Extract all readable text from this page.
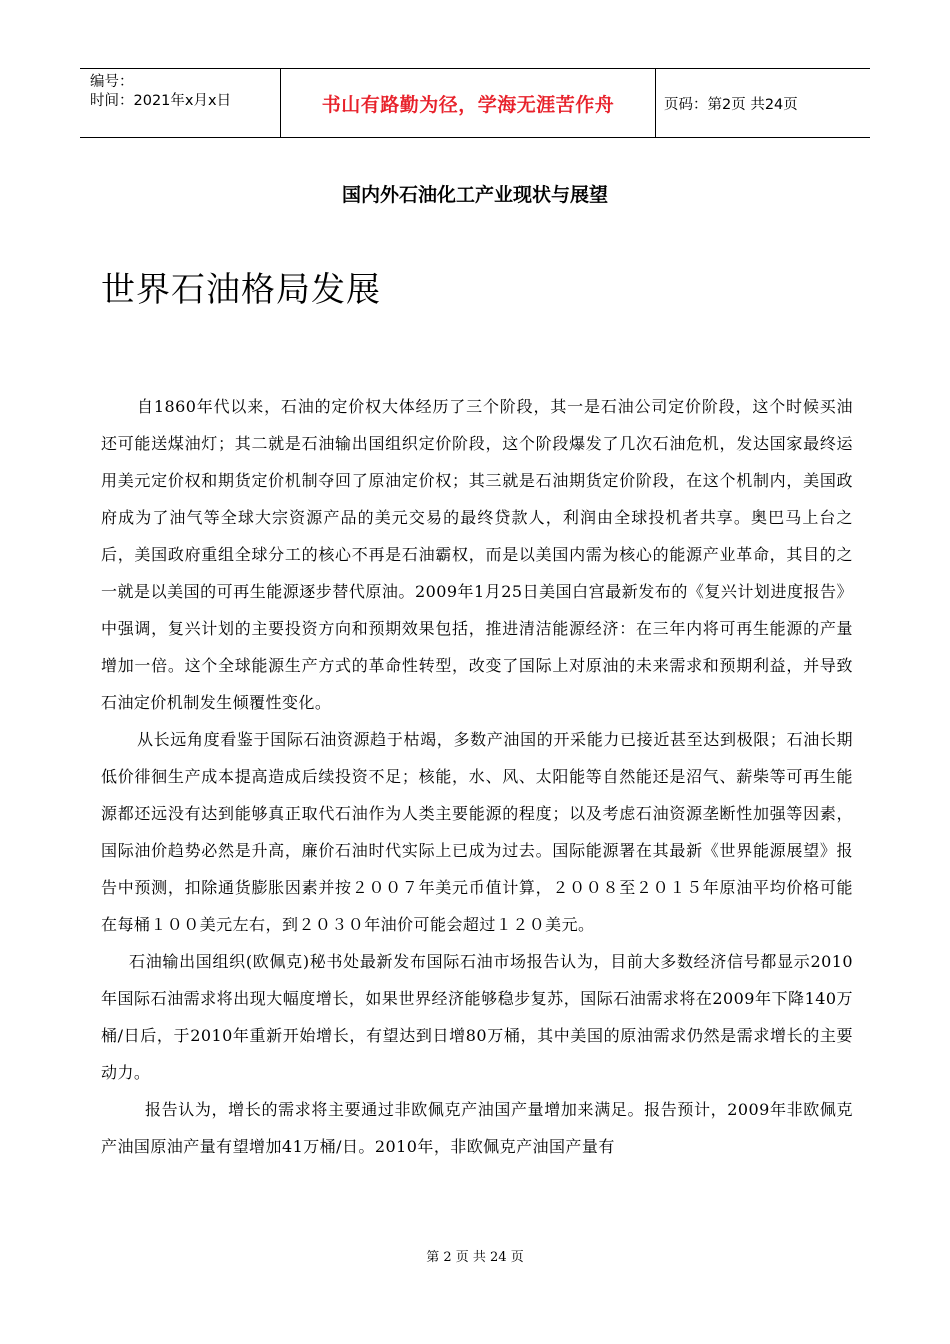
编号：
时间：2021年x月x日	书山有路勤为径，学海无涯苦作舟	页码：第2页 共24页
国内外石油化工产业现状与展望
世界石油格局发展

自1860年代以来，石油的定价权大体经历了三个阶段，其一是石油公司定价阶段，这个时候买油还可能送煤油灯；其二就是石油输出国组织定价阶段，这个阶段爆发了几次石油危机，发达国家最终运用美元定价权和期货定价机制夺回了原油定价权；其三就是石油期货定价阶段，在这个机制内，美国政府成为了油气等全球大宗资源产品的美元交易的最终贷款人，利润由全球投机者共享。奥巴马上台之后，美国政府重组全球分工的核心不再是石油霸权，而是以美国内需为核心的能源产业革命，其目的之一就是以美国的可再生能源逐步替代原油。2009年1月25日美国白宫最新发布的《复兴计划进度报告》中强调，复兴计划的主要投资方向和预期效果包括，推进清洁能源经济：在三年内将可再生能源的产量增加一倍。这个全球能源生产方式的革命性转型，改变了国际上对原油的未来需求和预期利益，并导致石油定价机制发生倾覆性变化。

从长远角度看鉴于国际石油资源趋于枯竭，多数产油国的开采能力已接近甚至达到极限；石油长期低价徘徊生产成本提高造成后续投资不足；核能，水、风、太阳能等自然能还是沼气、薪柴等可再生能源都还远没有达到能够真正取代石油作为人类主要能源的程度；以及考虑石油资源垄断性加强等因素，国际油价趋势必然是升高，廉价石油时代实际上已成为过去。国际能源署在其最新《世界能源展望》报告中预测，扣除通货膨胀因素并按２００７年美元币值计算，２００８至２０１５年原油平均价格可能在每桶１００美元左右，到２０３０年油价可能会超过１２０美元。

石油输出国组织(欧佩克)秘书处最新发布国际石油市场报告认为，目前大多数经济信号都显示2010年国际石油需求将出现大幅度增长，如果世界经济能够稳步复苏，国际石油需求将在2009年下降140万桶/日后，于2010年重新开始增长，有望达到日增80万桶，其中美国的原油需求仍然是需求增长的主要动力。

报告认为，增长的需求将主要通过非欧佩克产油国产量增加来满足。报告预计，2009年非欧佩克产油国原油产量有望增加41万桶/日。2010年，非欧佩克产油国产量有

第 2 页 共 24 页
